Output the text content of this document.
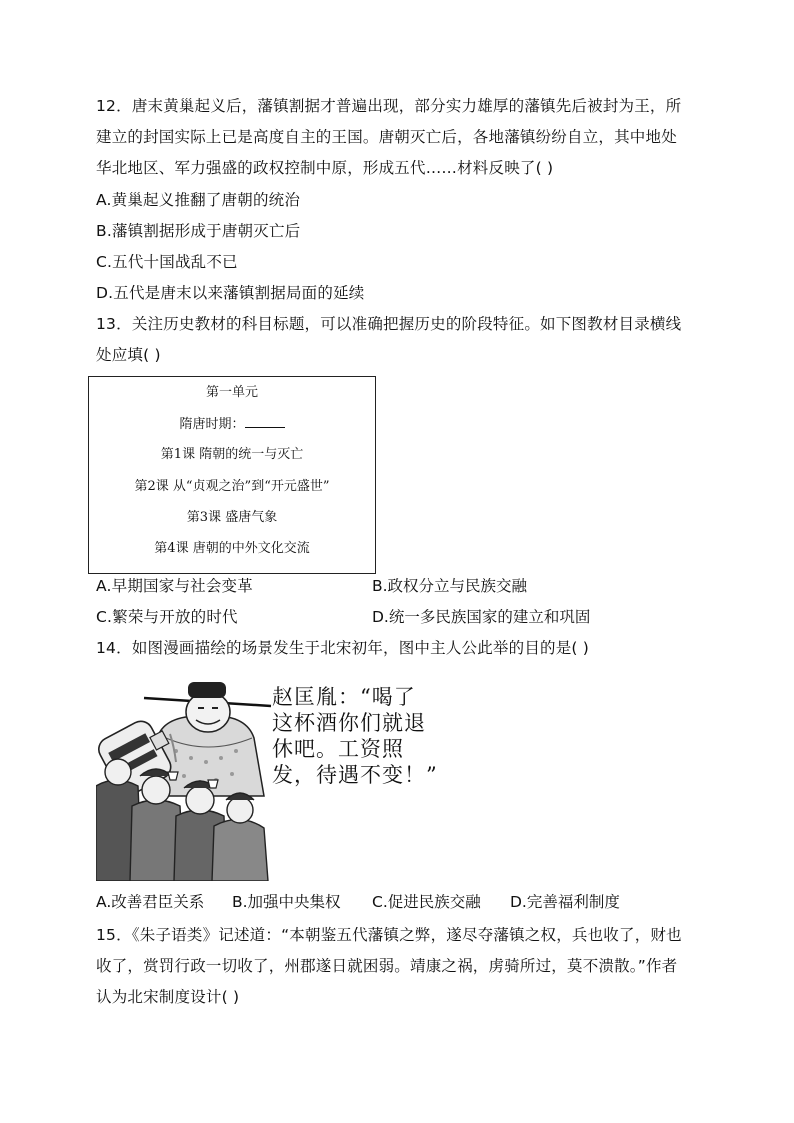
12．唐末黄巢起义后，藩镇割据才普遍出现，部分实力雄厚的藩镇先后被封为王，所
建立的封国实际上已是高度自主的王国。唐朝灭亡后，各地藩镇纷纷自立，其中地处
华北地区、军力强盛的政权控制中原，形成五代……材料反映了( )
A.黄巢起义推翻了唐朝的统治
B.藩镇割据形成于唐朝灭亡后
C.五代十国战乱不已
D.五代是唐末以来藩镇割据局面的延续
13．关注历史教材的科目标题，可以准确把握历史的阶段特征。如下图教材目录横线
处应填( )
第一单元
隋唐时期：
第1课 隋朝的统一与灭亡
第2课 从“贞观之治”到“开元盛世”
第3课 盛唐气象
第4课 唐朝的中外文化交流
A.早期国家与社会变革	B.政权分立与民族交融
C.繁荣与开放的时代	D.统一多民族国家的建立和巩固
14．如图漫画描绘的场景发生于北宋初年，图中主人公此举的目的是( )
赵匡胤：“喝了
这杯酒你们就退
休吧。工资照
发，待遇不变！”
A.改善君臣关系 B.加强中央集权 C.促进民族交融 D.完善福利制度
15．《朱子语类》记述道：“本朝鉴五代藩镇之弊，遂尽夺藩镇之权，兵也收了，财也
收了，赏罚行政一切收了，州郡遂日就困弱。靖康之祸，虏骑所过，莫不溃散。”作者
认为北宋制度设计( )
